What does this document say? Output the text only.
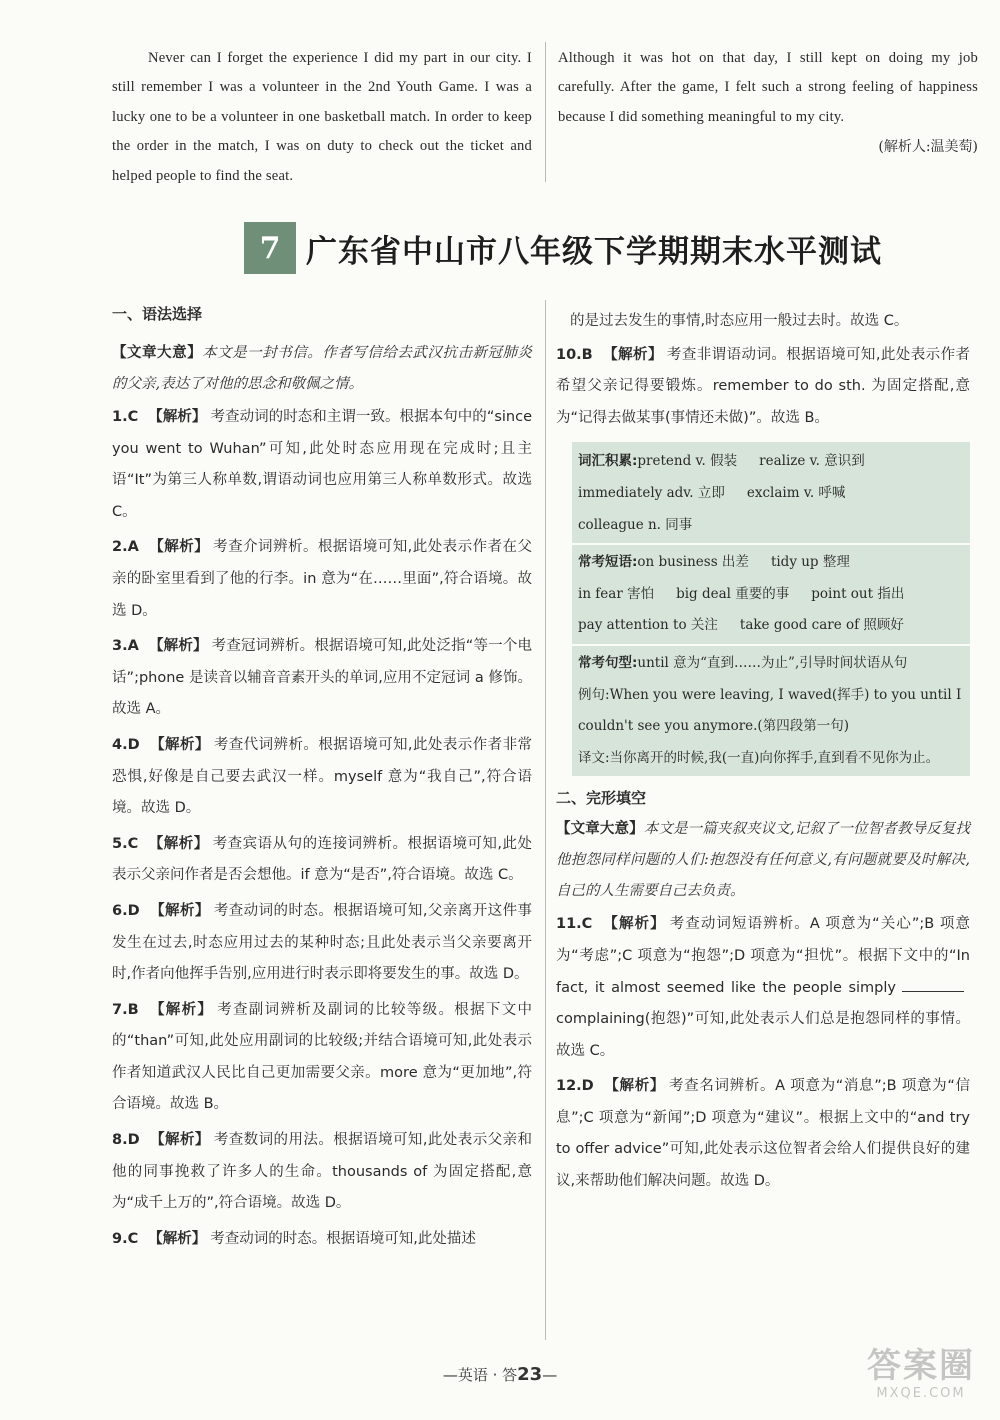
Never can I forget the experience I did my part in our city. I still remember I was a volunteer in the 2nd Youth Game. I was a lucky one to be a volunteer in one basketball match. In order to keep the order in the match, I was on duty to check out the ticket and helped people to find the seat.

Although it was hot on that day, I still kept on doing my job carefully. After the game, I felt such a strong feeling of happiness because I did something meaningful to my city.

(解析人:温美萄)

7 广东省中山市八年级下学期期末水平测试

一、语法选择

【文章大意】本文是一封书信。作者写信给去武汉抗击新冠肺炎的父亲,表达了对他的思念和敬佩之情。

1.C 【解析】 考查动词的时态和主谓一致。根据本句中的“since you went to Wuhan”可知,此处时态应用现在完成时;且主语“It”为第三人称单数,谓语动词也应用第三人称单数形式。故选 C。

2.A 【解析】 考查介词辨析。根据语境可知,此处表示作者在父亲的卧室里看到了他的行李。in 意为“在……里面”,符合语境。故选 D。

3.A 【解析】 考查冠词辨析。根据语境可知,此处泛指“等一个电话”;phone 是读音以辅音音素开头的单词,应用不定冠词 a 修饰。故选 A。

4.D 【解析】 考查代词辨析。根据语境可知,此处表示作者非常恐惧,好像是自己要去武汉一样。myself 意为“我自己”,符合语境。故选 D。

5.C 【解析】 考查宾语从句的连接词辨析。根据语境可知,此处表示父亲问作者是否会想他。if 意为“是否”,符合语境。故选 C。

6.D 【解析】 考查动词的时态。根据语境可知,父亲离开这件事发生在过去,时态应用过去的某种时态;且此处表示当父亲要离开时,作者向他挥手告别,应用进行时表示即将要发生的事。故选 D。

7.B 【解析】 考查副词辨析及副词的比较等级。根据下文中的“than”可知,此处应用副词的比较级;并结合语境可知,此处表示作者知道武汉人民比自己更加需要父亲。more 意为“更加地”,符合语境。故选 B。

8.D 【解析】 考查数词的用法。根据语境可知,此处表示父亲和他的同事挽救了许多人的生命。thousands of 为固定搭配,意为“成千上万的”,符合语境。故选 D。

9.C 【解析】 考查动词的时态。根据语境可知,此处描述

的是过去发生的事情,时态应用一般过去时。故选 C。

10.B 【解析】 考查非谓语动词。根据语境可知,此处表示作者希望父亲记得要锻炼。remember to do sth. 为固定搭配,意为“记得去做某事(事情还未做)”。故选 B。

词汇积累:pretend v. 假装 realize v. 意识到

immediately adv. 立即 exclaim v. 呼喊

colleague n. 同事

常考短语:on business 出差 tidy up 整理

in fear 害怕 big deal 重要的事 point out 指出

pay attention to 关注 take good care of 照顾好

常考句型:until 意为“直到……为止”,引导时间状语从句

例句:When you were leaving, I waved(挥手) to you until I couldn't see you anymore.(第四段第一句)

译文:当你离开的时候,我(一直)向你挥手,直到看不见你为止。

二、完形填空

【文章大意】本文是一篇夹叙夹议文,记叙了一位智者教导反复找他抱怨同样问题的人们:抱怨没有任何意义,有问题就要及时解决,自己的人生需要自己去负责。

11.C 【解析】 考查动词短语辨析。A 项意为“关心”;B 项意为“考虑”;C 项意为“抱怨”;D 项意为“担忧”。根据下文中的“In fact, it almost seemed like the people simplycomplaining(抱怨)”可知,此处表示人们总是抱怨同样的事情。故选 C。

12.D 【解析】 考查名词辨析。A 项意为“消息”;B 项意为“信息”;C 项意为“新闻”;D 项意为“建议”。根据上文中的“and try to offer advice”可知,此处表示这位智者会给人们提供良好的建议,来帮助他们解决问题。故选 D。

—英语 · 答23—	答案圈
MXQE.COM
